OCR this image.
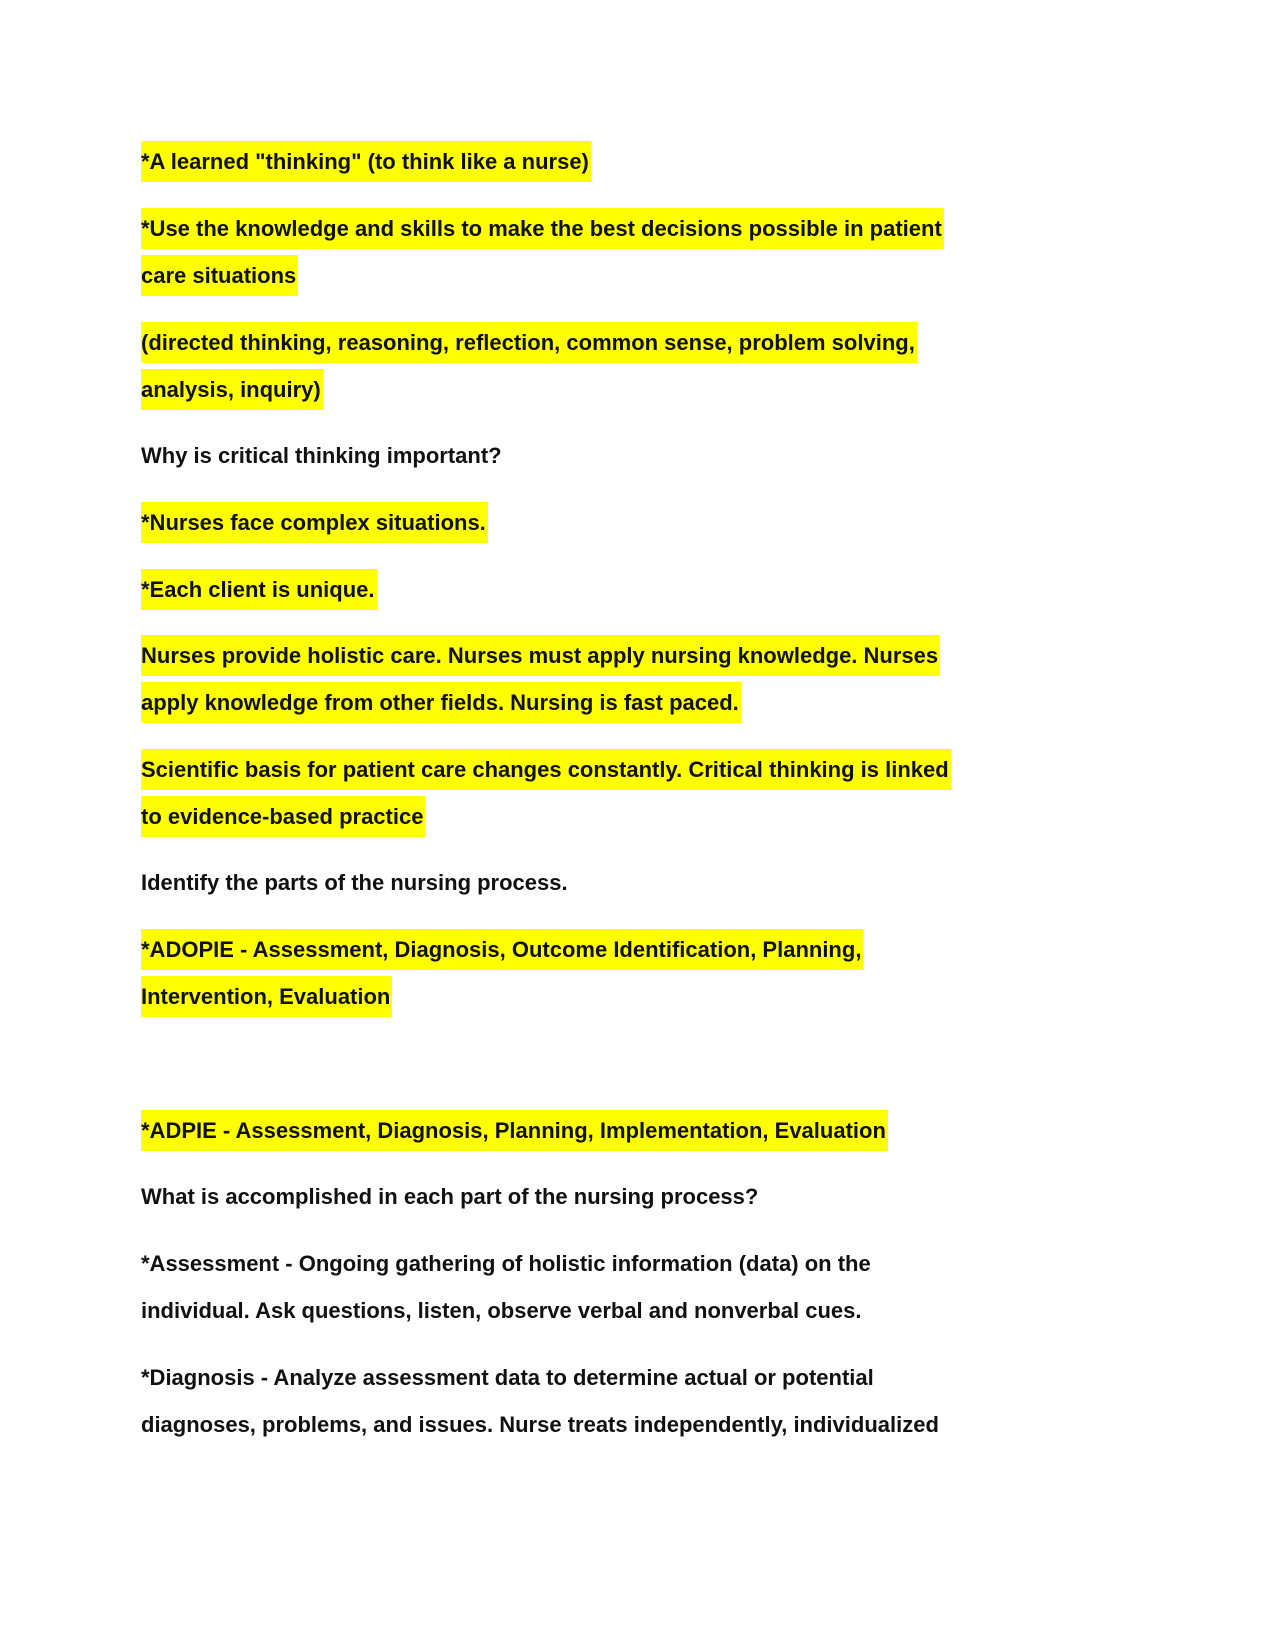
*A learned "thinking" (to think like a nurse)
*Use the knowledge and skills to make the best decisions possible in patient
care situations
(directed thinking, reasoning, reflection, common sense, problem solving,
analysis, inquiry)
Why is critical thinking important?
*Nurses face complex situations.
*Each client is unique.
Nurses provide holistic care. Nurses must apply nursing knowledge. Nurses
apply knowledge from other fields. Nursing is fast paced.
Scientific basis for patient care changes constantly. Critical thinking is linked
to evidence-based practice
Identify the parts of the nursing process.
*ADOPIE - Assessment, Diagnosis, Outcome Identification, Planning,
Intervention, Evaluation
*ADPIE - Assessment, Diagnosis, Planning, Implementation, Evaluation
What is accomplished in each part of the nursing process?
*Assessment - Ongoing gathering of holistic information (data) on the
individual. Ask questions, listen, observe verbal and nonverbal cues.
*Diagnosis - Analyze assessment data to determine actual or potential
diagnoses, problems, and issues. Nurse treats independently, individualized
